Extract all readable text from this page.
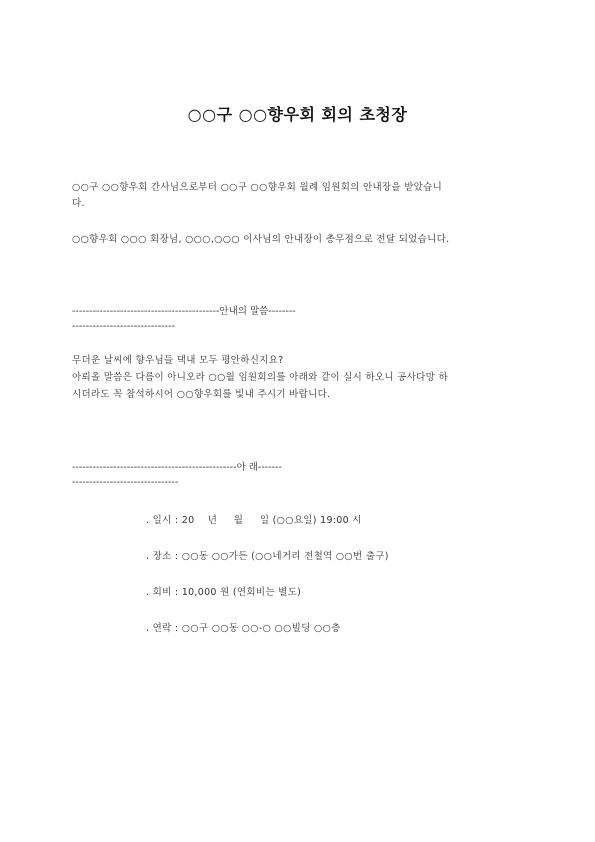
○○구 ○○향우회 회의 초청장
○○구 ○○향우회 간사님으로부터 ○○구 ○○향우회 월례 임원회의 안내장을 받았습니
다.
○○향우회 ○○○ 회장님, ○○○,○○○ 이사님의 안내장이 총무점으로 전달 되었습니다.
-------------------------------------------안내의 말씀--------
------------------------------
무더운 날씨에 향우님들 댁내 모두 평안하신지요?
아뢰올 말씀은 다름이 아니오라 ○○월 임원회의를 아래와 같이 실시 하오니 공사다망 하
시더라도 꼭 참석하시어 ○○향우회를 빛내 주시기 바랍니다.
------------------------------------------------아 래-------
-------------------------------
. 일시 : 20    년     월     일 (○○요일) 19:00 시
. 장소 : ○○동 ○○가든 (○○네거리 전철역 ○○번 출구)
. 회비 : 10,000 원 (연회비는 별도)
. 연락 : ○○구 ○○동 ○○-○ ○○빌딩 ○○층
